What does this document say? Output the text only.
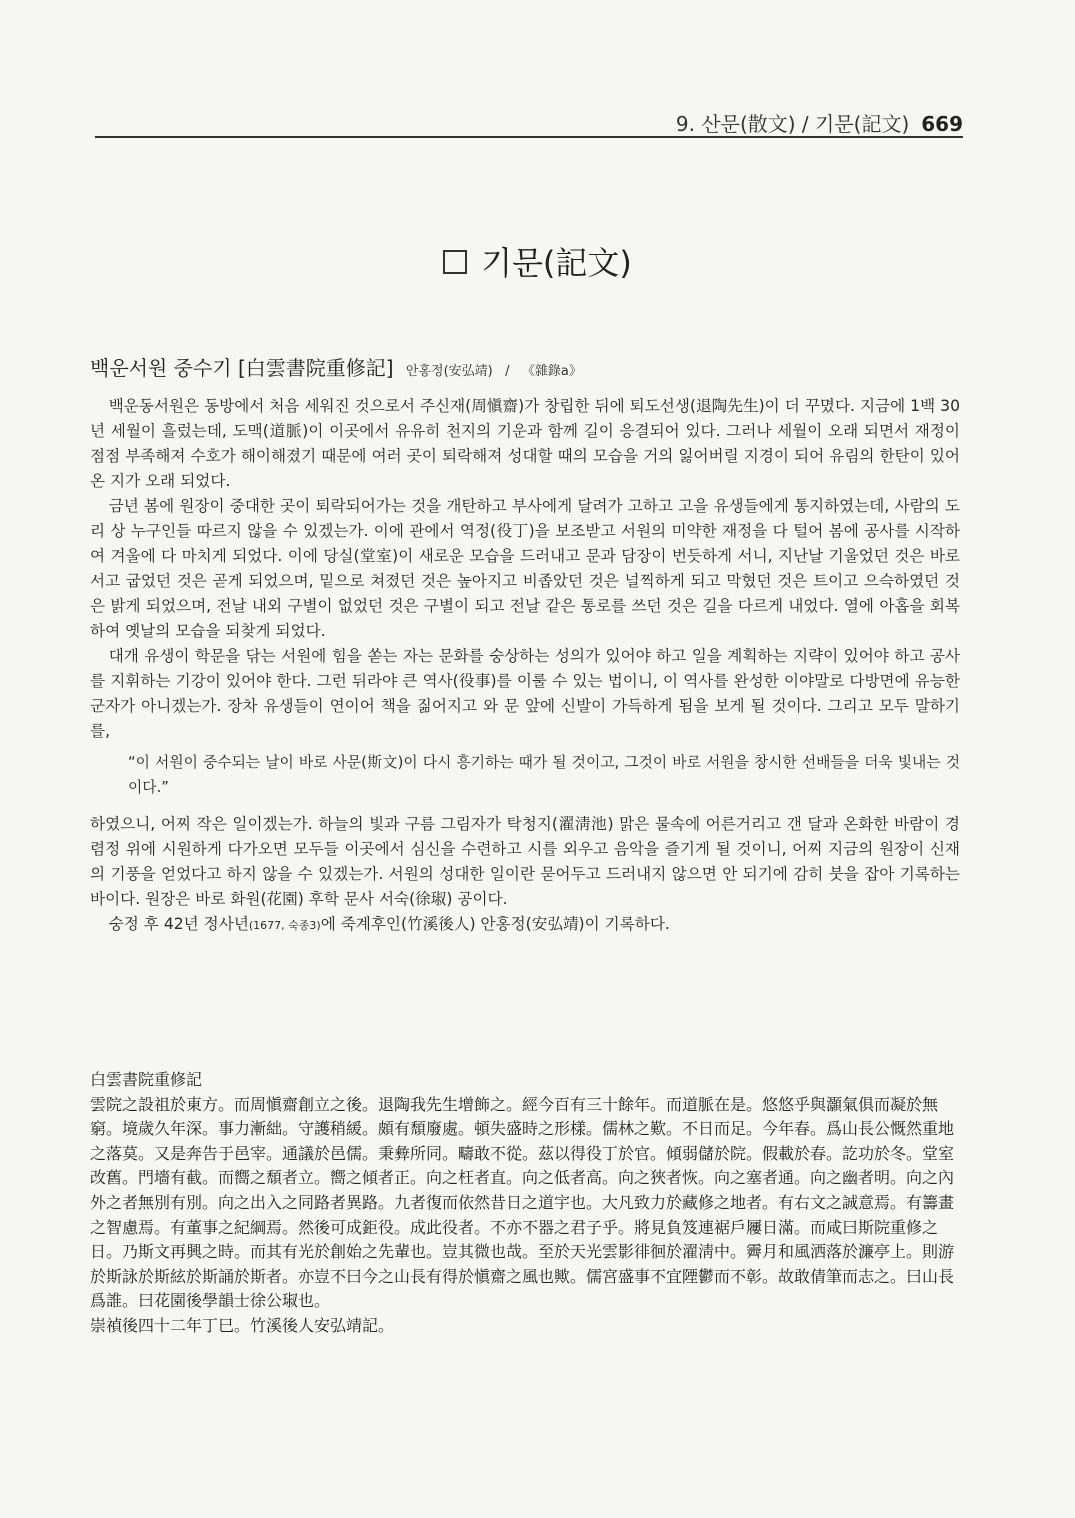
9. 산문(散文) / 기문(記文) 669
기문(記文)
백운서원 중수기 [白雲書院重修記] 안홍정(安弘靖) / 《雜錄a》

백운동서원은 동방에서 처음 세워진 것으로서 주신재(周愼齋)가 창립한 뒤에 퇴도선생(退陶先生)이 더 꾸몄다. 지금에 1백 30년 세월이 흘렀는데, 도맥(道脈)이 이곳에서 유유히 천지의 기운과 함께 길이 응결되어 있다. 그러나 세월이 오래 되면서 재정이 점점 부족해져 수호가 해이해졌기 때문에 여러 곳이 퇴락해져 성대할 때의 모습을 거의 잃어버릴 지경이 되어 유림의 한탄이 있어온 지가 오래 되었다.

금년 봄에 원장이 중대한 곳이 퇴락되어가는 것을 개탄하고 부사에게 달려가 고하고 고을 유생들에게 통지하였는데, 사람의 도리 상 누구인들 따르지 않을 수 있겠는가. 이에 관에서 역정(役丁)을 보조받고 서원의 미약한 재정을 다 털어 봄에 공사를 시작하여 겨울에 다 마치게 되었다. 이에 당실(堂室)이 새로운 모습을 드러내고 문과 담장이 번듯하게 서니, 지난날 기울었던 것은 바로 서고 굽었던 것은 곧게 되었으며, 밑으로 쳐졌던 것은 높아지고 비좁았던 것은 널찍하게 되고 막혔던 것은 트이고 으슥하였던 것은 밝게 되었으며, 전날 내외 구별이 없었던 것은 구별이 되고 전날 같은 통로를 쓰던 것은 길을 다르게 내었다. 열에 아홉을 회복하여 옛날의 모습을 되찾게 되었다.

대개 유생이 학문을 닦는 서원에 힘을 쏟는 자는 문화를 숭상하는 성의가 있어야 하고 일을 계획하는 지략이 있어야 하고 공사를 지휘하는 기강이 있어야 한다. 그런 뒤라야 큰 역사(役事)를 이룰 수 있는 법이니, 이 역사를 완성한 이야말로 다방면에 유능한 군자가 아니겠는가. 장차 유생들이 연이어 책을 짊어지고 와 문 앞에 신발이 가득하게 됨을 보게 될 것이다. 그리고 모두 말하기를,

“이 서원이 중수되는 날이 바로 사문(斯文)이 다시 흥기하는 때가 될 것이고, 그것이 바로 서원을 창시한 선배들을 더욱 빛내는 것이다.”

하였으니, 어찌 작은 일이겠는가. 하늘의 빛과 구름 그림자가 탁청지(濯淸池) 맑은 물속에 어른거리고 갠 달과 온화한 바람이 경렴정 위에 시원하게 다가오면 모두들 이곳에서 심신을 수련하고 시를 외우고 음악을 즐기게 될 것이니, 어찌 지금의 원장이 신재의 기풍을 얻었다고 하지 않을 수 있겠는가. 서원의 성대한 일이란 묻어두고 드러내지 않으면 안 되기에 감히 붓을 잡아 기록하는 바이다. 원장은 바로 화원(花園) 후학 문사 서숙(徐琡) 공이다.

숭정 후 42년 정사년(1677, 숙종3)에 죽계후인(竹溪後人) 안홍정(安弘靖)이 기록하다.

白雲書院重修記

雲院之設祖於東方。而周愼齋創立之後。退陶我先生增飾之。經今百有三十餘年。而道脈在是。悠悠乎與灝氣俱而凝於無窮。境歲久年深。事力漸絀。守護稍緩。頗有頹廢處。頓失盛時之形樣。儒林之歎。不日而足。今年春。爲山長公慨然重地之落莫。又是奔告于邑宰。通議於邑儒。秉彜所同。疇敢不從。茲以得役丁於官。傾弱儲於院。假載於春。訖功於冬。堂室改舊。門墻有截。而嚮之頹者立。嚮之傾者正。向之枉者直。向之低者高。向之狹者恢。向之塞者通。向之幽者明。向之內外之者無別有別。向之出入之同路者異路。九者復而依然昔日之道宇也。大凡致力於藏修之地者。有右文之誠意焉。有籌畫之智慮焉。有董事之紀綱焉。然後可成鉅役。成此役者。不亦不器之君子乎。將見負笈連裾戶屨日滿。而咸曰斯院重修之日。乃斯文再興之時。而其有光於創始之先輩也。豈其微也哉。至於天光雲影徘徊於濯淸中。霽月和風洒落於濂亭上。則游於斯詠於斯絃於斯誦於斯者。亦豈不曰今之山長有得於愼齋之風也歟。儒宮盛事不宜陻鬱而不彰。故敢倩筆而志之。曰山長爲誰。曰花園後學韻士徐公琡也。

崇禎後四十二年丁巳。竹溪後人安弘靖記。
